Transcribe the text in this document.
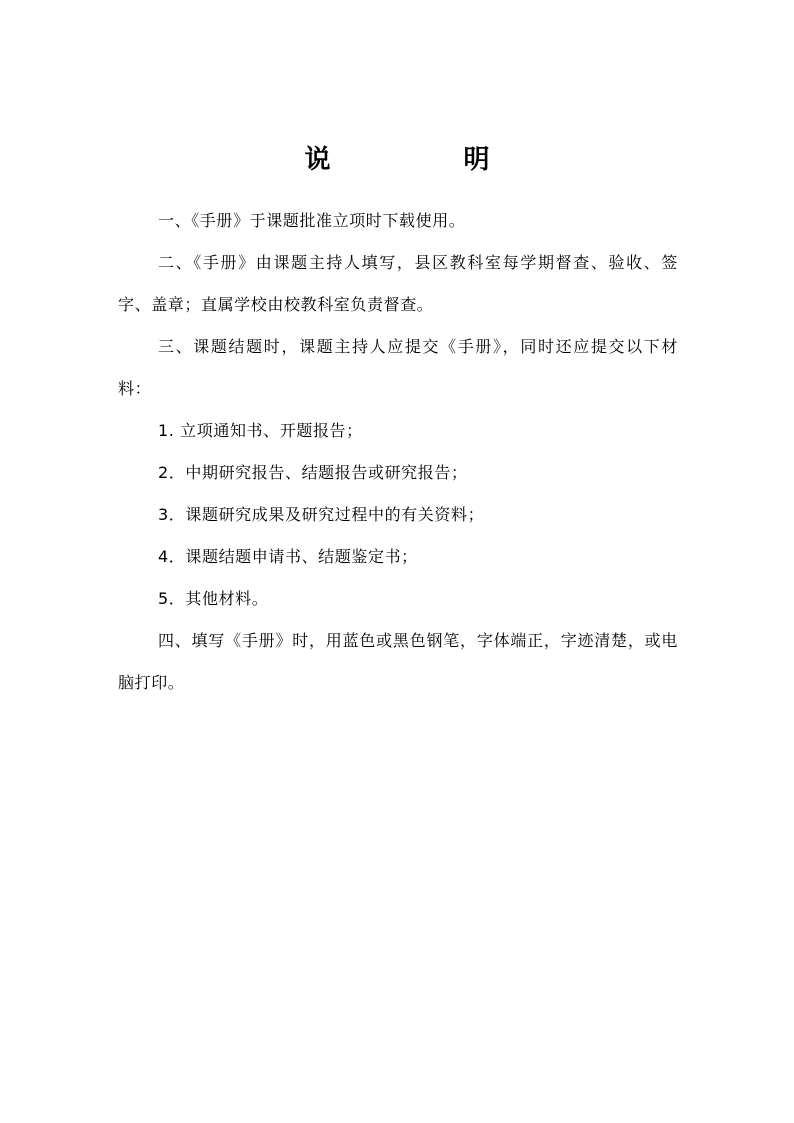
说 明

一、《手册》于课题批准立项时下载使用。

二、《手册》由课题主持人填写，县区教科室每学期督查、验收、签字、盖章；直属学校由校教科室负责督查。

三、课题结题时，课题主持人应提交《手册》，同时还应提交以下材料：

1. 立项通知书、开题报告；

2．中期研究报告、结题报告或研究报告；

3．课题研究成果及研究过程中的有关资料；

4．课题结题申请书、结题鉴定书；

5．其他材料。

四、填写《手册》时，用蓝色或黑色钢笔，字体端正，字迹清楚，或电脑打印。
